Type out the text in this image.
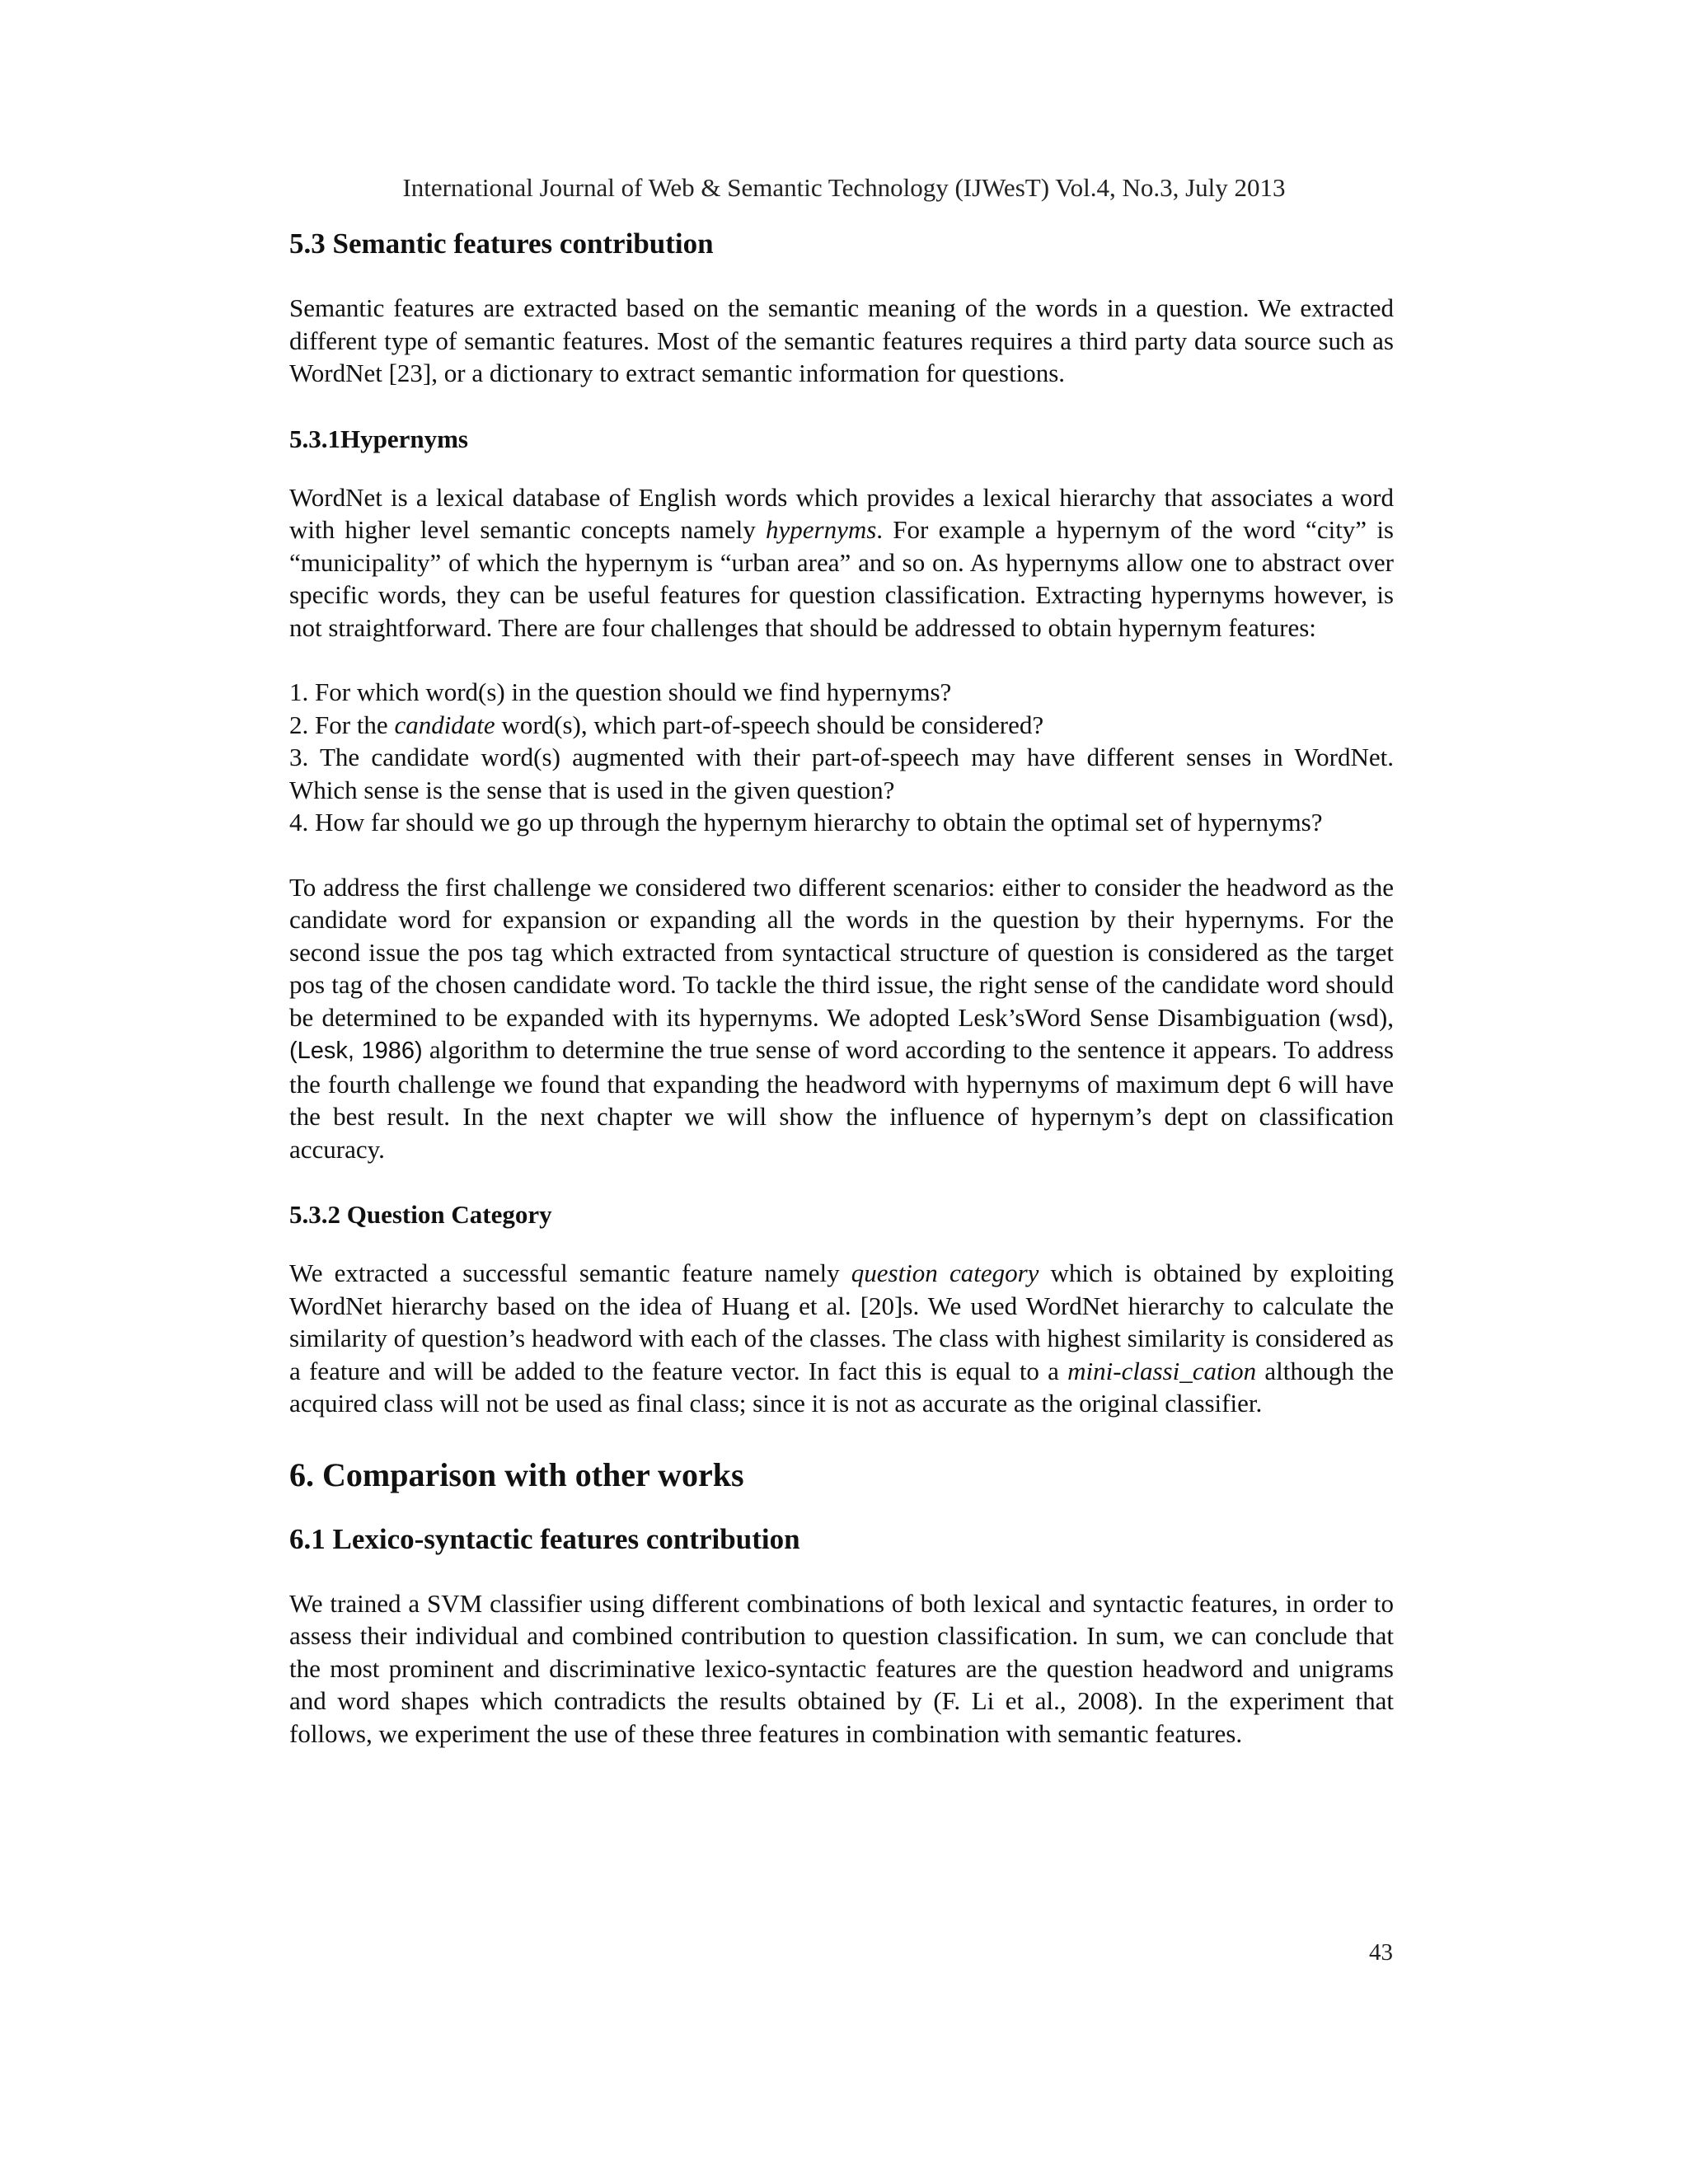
International Journal of Web & Semantic Technology (IJWesT) Vol.4, No.3, July 2013
5.3 Semantic features contribution

Semantic features are extracted based on the semantic meaning of the words in a question. We extracted different type of semantic features. Most of the semantic features requires a third party data source such as WordNet [23], or a dictionary to extract semantic information for questions.

5.3.1Hypernyms

WordNet is a lexical database of English words which provides a lexical hierarchy that associates a word with higher level semantic concepts namely hypernyms. For example a hypernym of the word “city” is “municipality” of which the hypernym is “urban area” and so on. As hypernyms allow one to abstract over specific words, they can be useful features for question classification. Extracting hypernyms however, is not straightforward. There are four challenges that should be addressed to obtain hypernym features:

1. For which word(s) in the question should we find hypernyms?

2. For the candidate word(s), which part-of-speech should be considered?

3. The candidate word(s) augmented with their part-of-speech may have different senses in WordNet. Which sense is the sense that is used in the given question?

4. How far should we go up through the hypernym hierarchy to obtain the optimal set of hypernyms?

To address the first challenge we considered two different scenarios: either to consider the headword as the candidate word for expansion or expanding all the words in the question by their hypernyms. For the second issue the pos tag which extracted from syntactical structure of question is considered as the target pos tag of the chosen candidate word. To tackle the third issue, the right sense of the candidate word should be determined to be expanded with its hypernyms. We adopted Lesk’sWord Sense Disambiguation (wsd), (Lesk, 1986) algorithm to determine the true sense of word according to the sentence it appears. To address the fourth challenge we found that expanding the headword with hypernyms of maximum dept 6 will have the best result. In the next chapter we will show the influence of hypernym’s dept on classification accuracy.

5.3.2 Question Category

We extracted a successful semantic feature namely question category which is obtained by exploiting WordNet hierarchy based on the idea of Huang et al. [20]s. We used WordNet hierarchy to calculate the similarity of question’s headword with each of the classes. The class with highest similarity is considered as a feature and will be added to the feature vector. In fact this is equal to a mini-classi_cation although the acquired class will not be used as final class; since it is not as accurate as the original classifier.

6. Comparison with other works
6.1 Lexico-syntactic features contribution

We trained a SVM classifier using different combinations of both lexical and syntactic features, in order to assess their individual and combined contribution to question classification. In sum, we can conclude that the most prominent and discriminative lexico-syntactic features are the question headword and unigrams and word shapes which contradicts the results obtained by (F. Li et al., 2008). In the experiment that follows, we experiment the use of these three features in combination with semantic features.

43
